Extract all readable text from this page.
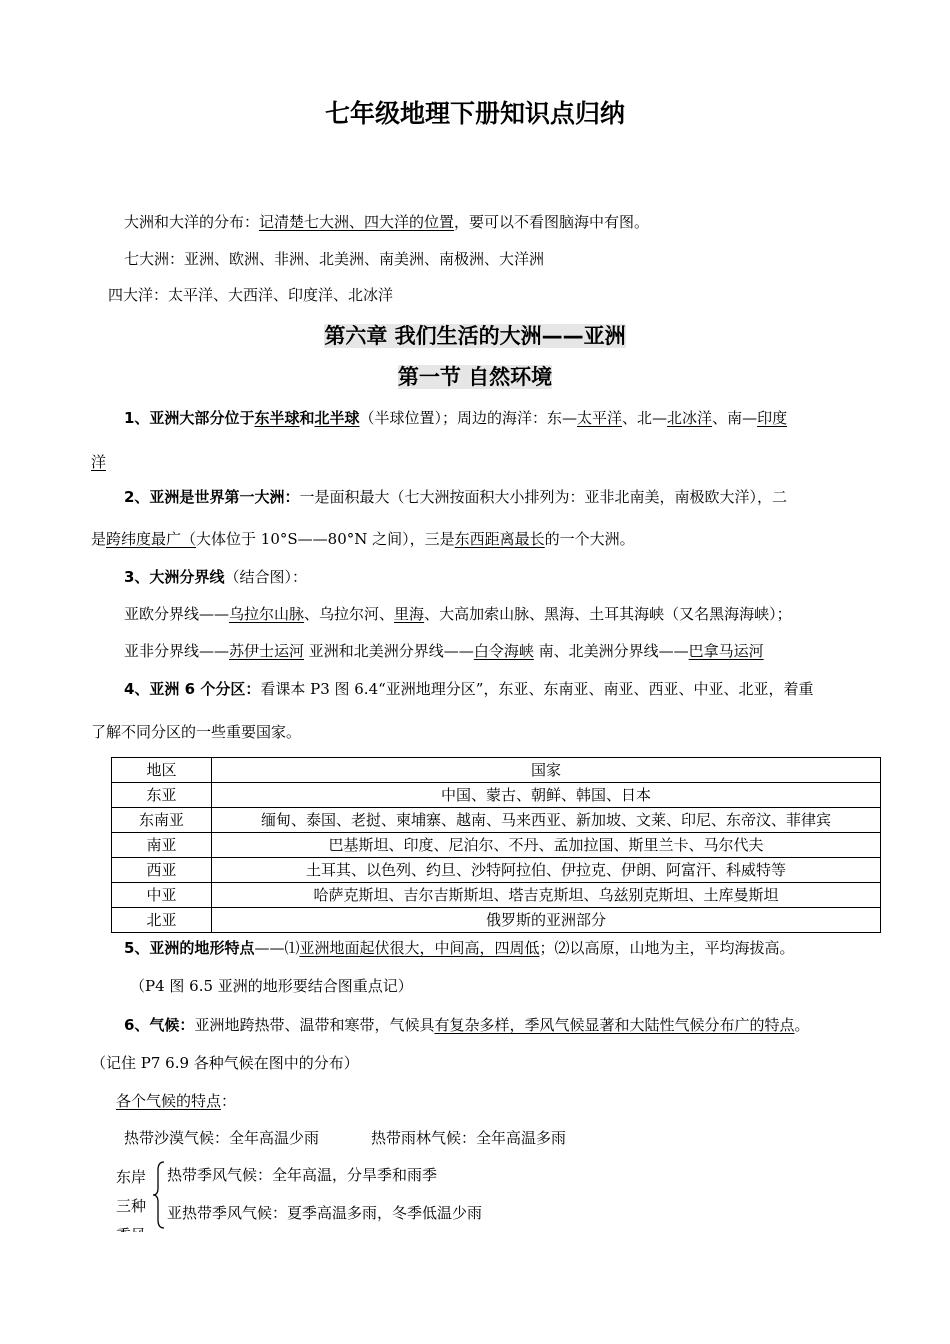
七年级地理下册知识点归纳
大洲和大洋的分布：记清楚七大洲、四大洋的位置，要可以不看图脑海中有图。
七大洲：亚洲、欧洲、非洲、北美洲、南美洲、南极洲、大洋洲
四大洋：太平洋、大西洋、印度洋、北冰洋
第六章 我们生活的大洲——亚洲
第一节 自然环境
1、亚洲大部分位于东半球和北半球（半球位置）；周边的海洋：东—太平洋、北—北冰洋、南—印度
洋
2、亚洲是世界第一大洲：一是面积最大（七大洲按面积大小排列为：亚非北南美，南极欧大洋），二
是跨纬度最广（大体位于 10°S——80°N 之间），三是东西距离最长的一个大洲。
3、大洲分界线（结合图）：
亚欧分界线——乌拉尔山脉、乌拉尔河、里海、大高加索山脉、黑海、土耳其海峡（又名黑海海峡）；
亚非分界线——苏伊士运河 亚洲和北美洲分界线——白令海峡 南、北美洲分界线——巴拿马运河
4、亚洲 6 个分区：看课本 P3 图 6.4“亚洲地理分区”，东亚、东南亚、南亚、西亚、中亚、北亚，着重
了解不同分区的一些重要国家。
地区	国家
东亚	中国、蒙古、朝鲜、韩国、日本
东南亚	缅甸、泰国、老挝、柬埔寨、越南、马来西亚、新加坡、文莱、印尼、东帝汶、菲律宾
南亚	巴基斯坦、印度、尼泊尔、不丹、孟加拉国、斯里兰卡、马尔代夫
西亚	土耳其、以色列、约旦、沙特阿拉伯、伊拉克、伊朗、阿富汗、科威特等
中亚	哈萨克斯坦、吉尔吉斯斯坦、塔吉克斯坦、乌兹别克斯坦、土库曼斯坦
北亚	俄罗斯的亚洲部分
5、亚洲的地形特点——⑴亚洲地面起伏很大，中间高，四周低；⑵以高原，山地为主，平均海拔高。
（P4 图 6.5 亚洲的地形要结合图重点记）
6、气候：亚洲地跨热带、温带和寒带，气候具有复杂多样，季风气候显著和大陆性气候分布广的特点。
（记住 P7 6.9 各种气候在图中的分布）
各个气候的特点：
热带沙漠气候：全年高温少雨	热带雨林气候：全年高温多雨
东岸
三种
热带季风气候：全年高温，分旱季和雨季
亚热带季风气候：夏季高温多雨，冬季低温少雨
